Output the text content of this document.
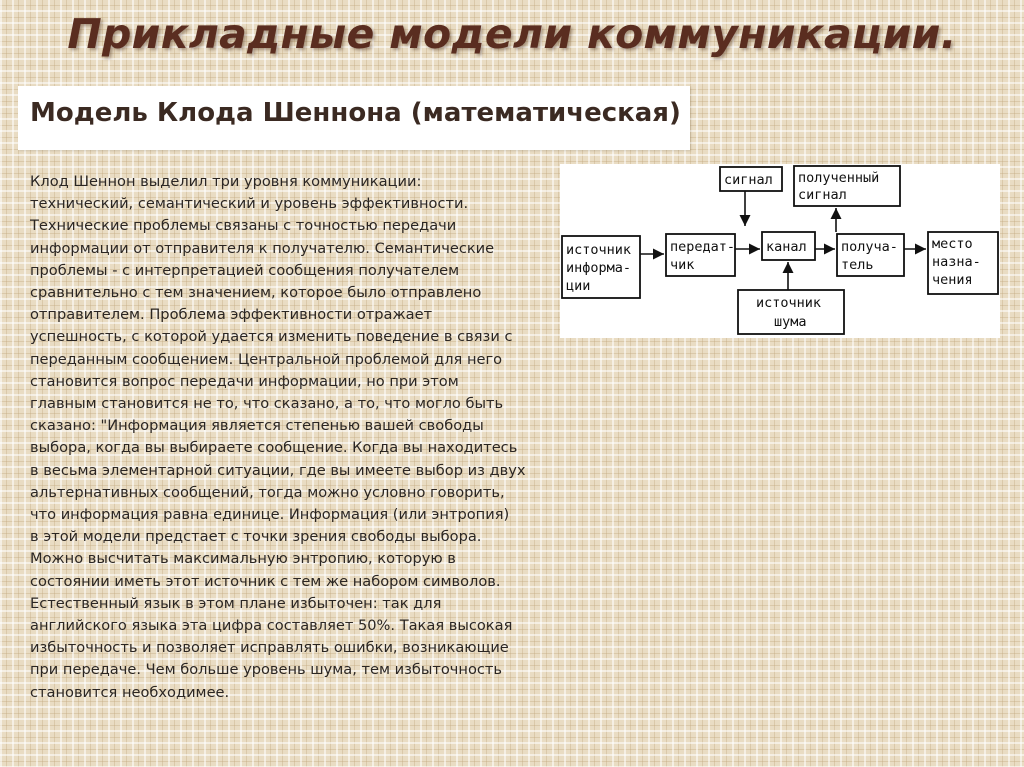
Прикладные модели коммуникации.
Модель Клода Шеннона (математическая)
Клод Шеннон выделил три уровня коммуникации:
технический, семантический и уровень эффективности.
Технические проблемы связаны с точностью передачи
информации от отправителя к получателю. Семантические
проблемы - с интерпретацией сообщения получателем
сравнительно с тем значением, которое было отправлено
отправителем. Проблема эффективности отражает
успешность, с которой удается изменить поведение в связи с
переданным сообщением. Центральной проблемой для него
становится вопрос передачи информации, но при этом
главным становится не то, что сказано, а то, что могло быть
сказано: "Информация является степенью вашей свободы
выбора, когда вы выбираете сообщение. Когда вы находитесь
в весьма элементарной ситуации, где вы имеете выбор из двух
альтернативных сообщений, тогда можно условно говорить,
что информация равна единице. Информация (или энтропия)
в этой модели предстает с точки зрения свободы выбора.
Можно высчитать максимальную энтропию, которую в
состоянии иметь этот источник с тем же набором символов.
Естественный язык в этом плане избыточен: так для
английского языка эта цифра составляет 50%. Такая высокая
избыточность и позволяет исправлять ошибки, возникающие
при передаче. Чем больше уровень шума, тем избыточность
становится необходимее.
источник
информа-
ции
передат-
чик
канал	получа-
тель
место
назна-
чения
сигнал полученный
сигнал
источник
шума
